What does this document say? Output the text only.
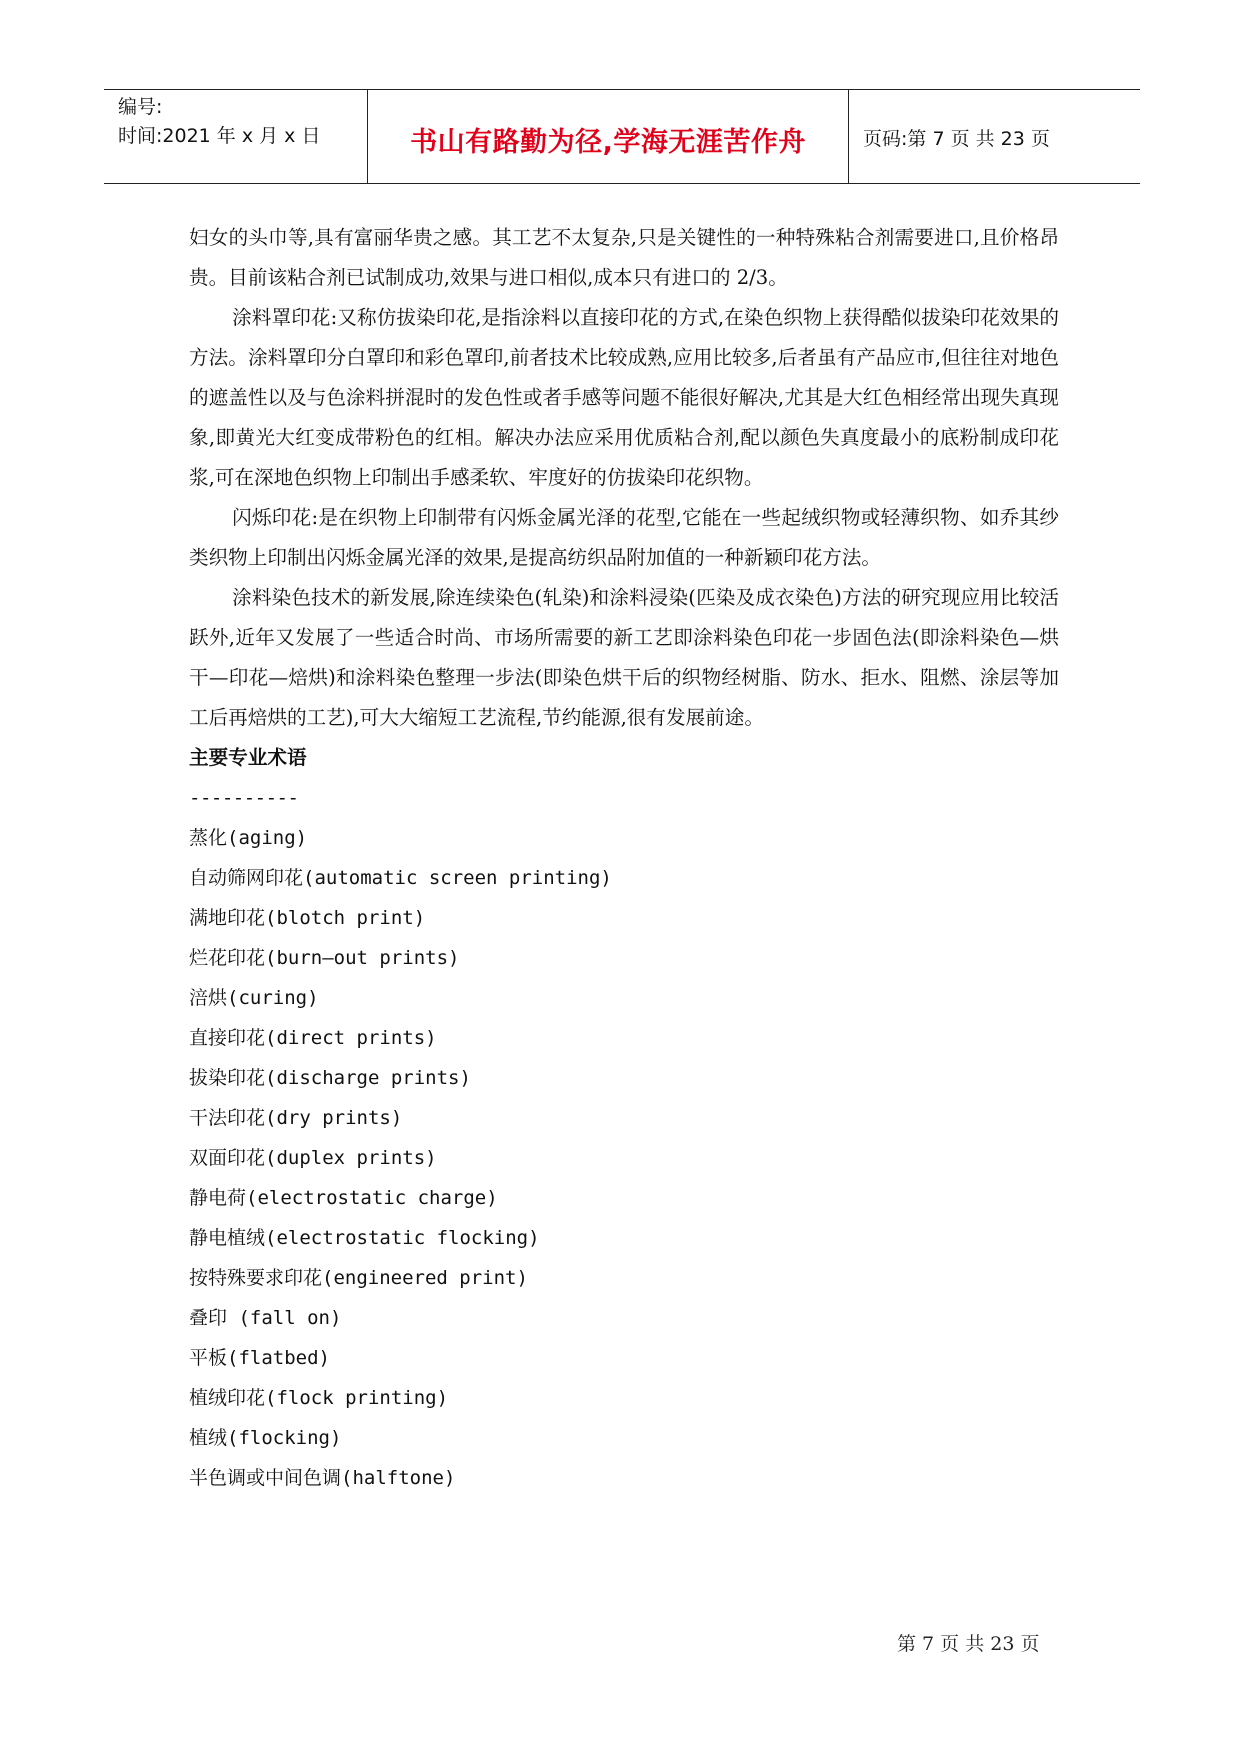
编号:
时间:2021 年 x 月 x 日	书山有路勤为径,学海无涯苦作舟	页码:第 7 页 共 23 页

妇女的头巾等,具有富丽华贵之感。其工艺不太复杂,只是关键性的一种特殊粘合剂需要进口,且价格昂贵。目前该粘合剂已试制成功,效果与进口相似,成本只有进口的 2/3。

涂料罩印花:又称仿拔染印花,是指涂料以直接印花的方式,在染色织物上获得酷似拔染印花效果的方法。涂料罩印分白罩印和彩色罩印,前者技术比较成熟,应用比较多,后者虽有产品应市,但往往对地色的遮盖性以及与色涂料拼混时的发色性或者手感等问题不能很好解决,尤其是大红色相经常出现失真现象,即黄光大红变成带粉色的红相。解决办法应采用优质粘合剂,配以颜色失真度最小的底粉制成印花浆,可在深地色织物上印制出手感柔软、牢度好的仿拔染印花织物。

闪烁印花:是在织物上印制带有闪烁金属光泽的花型,它能在一些起绒织物或轻薄织物、如乔其纱类织物上印制出闪烁金属光泽的效果,是提高纺织品附加值的一种新颖印花方法。

涂料染色技术的新发展,除连续染色(轧染)和涂料浸染(匹染及成衣染色)方法的研究现应用比较活跃外,近年又发展了一些适合时尚、市场所需要的新工艺即涂料染色印花一步固色法(即涂料染色—烘干—印花—焙烘)和涂料染色整理一步法(即染色烘干后的织物经树脂、防水、拒水、阻燃、涂层等加工后再焙烘的工艺),可大大缩短工艺流程,节约能源,很有发展前途。

主要专业术语

----------

蒸化(aging)

自动筛网印花(automatic screen printing)

满地印花(blotch print)

烂花印花(burn—out prints)

涪烘(curing)

直接印花(direct prints)

拔染印花(discharge prints)

干法印花(dry prints)

双面印花(duplex prints)

静电荷(electrostatic charge)

静电植绒(electrostatic flocking)

按特殊要求印花(engineered print)

叠印 (fall on)

平板(flatbed)

植绒印花(flock printing)

植绒(flocking)

半色调或中间色调(halftone)

第 7 页 共 23 页
